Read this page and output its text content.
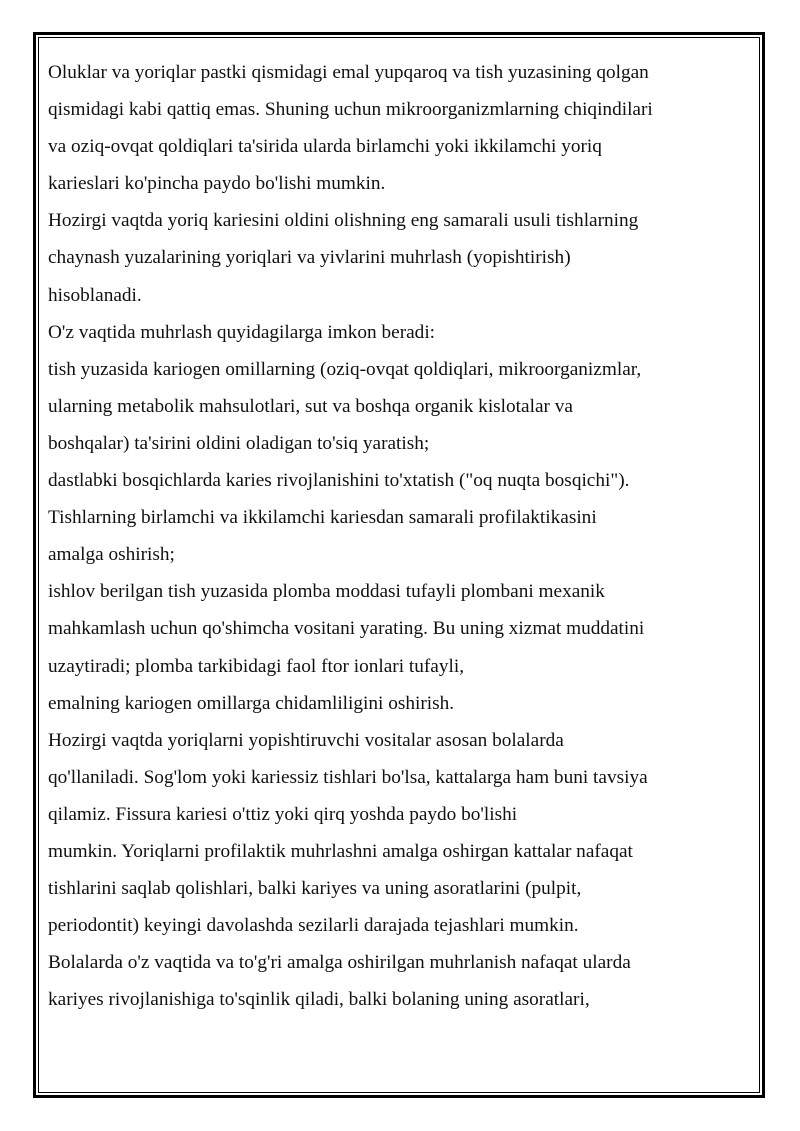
Oluklar va yoriqlar pastki qismidagi emal yupqaroq va tish yuzasining qolgan
qismidagi kabi qattiq emas. Shuning uchun mikroorganizmlarning chiqindilari
va oziq-ovqat qoldiqlari ta'sirida ularda birlamchi yoki ikkilamchi yoriq
karieslari ko'pincha paydo bo'lishi mumkin.
Hozirgi vaqtda yoriq kariesini oldini olishning eng samarali usuli tishlarning
chaynash yuzalarining yoriqlari va yivlarini muhrlash (yopishtirish)
hisoblanadi.
O'z vaqtida muhrlash quyidagilarga imkon beradi:
tish yuzasida kariogen omillarning (oziq-ovqat qoldiqlari, mikroorganizmlar,
ularning metabolik mahsulotlari, sut va boshqa organik kislotalar va
boshqalar) ta'sirini oldini oladigan to'siq yaratish;
dastlabki bosqichlarda karies rivojlanishini to'xtatish ("oq nuqta bosqichi").
Tishlarning birlamchi va ikkilamchi kariesdan samarali profilaktikasini
amalga oshirish;
ishlov berilgan tish yuzasida plomba moddasi tufayli plombani mexanik
mahkamlash uchun qo'shimcha vositani yarating. Bu uning xizmat muddatini
uzaytiradi; plomba tarkibidagi faol ftor ionlari tufayli,
emalning kariogen omillarga chidamliligini oshirish.
Hozirgi vaqtda yoriqlarni yopishtiruvchi vositalar asosan bolalarda
qo'llaniladi. Sog'lom yoki kariessiz tishlari bo'lsa, kattalarga ham buni tavsiya
qilamiz. Fissura kariesi o'ttiz yoki qirq yoshda paydo bo'lishi
mumkin. Yoriqlarni profilaktik muhrlashni amalga oshirgan kattalar nafaqat
tishlarini saqlab qolishlari, balki kariyes va uning asoratlarini (pulpit,
periodontit) keyingi davolashda sezilarli darajada tejashlari mumkin.
Bolalarda o'z vaqtida va to'g'ri amalga oshirilgan muhrlanish nafaqat ularda
kariyes rivojlanishiga to'sqinlik qiladi, balki bolaning uning asoratlari,
